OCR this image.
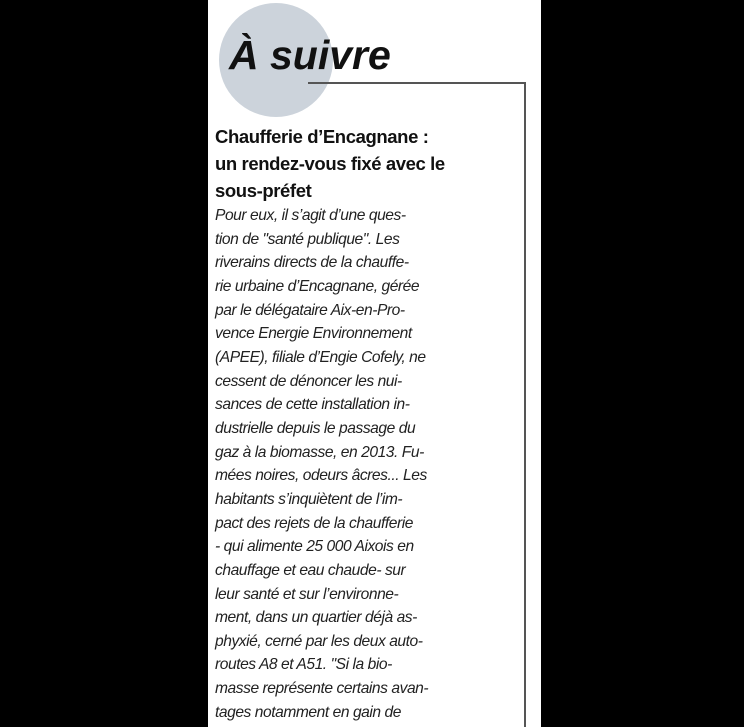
À suivre
Chaufferie d’Encagnane :
un rendez-vous fixé avec le
sous-préfet
Pour eux, il s’agit d’une ques-
tion de "santé publique". Les
riverains directs de la chauffe-
rie urbaine d’Encagnane, gérée
par le délégataire Aix-en-Pro-
vence Energie Environnement
(APEE), filiale d’Engie Cofely, ne
cessent de dénoncer les nui-
sances de cette installation in-
dustrielle depuis le passage du
gaz à la biomasse, en 2013. Fu-
mées noires, odeurs âcres... Les
habitants s’inquiètent de l’im-
pact des rejets de la chaufferie
- qui alimente 25 000 Aixois en
chauffage et eau chaude- sur
leur santé et sur l’environne-
ment, dans un quartier déjà as-
phyxié, cerné par les deux auto-
routes A8 et A51. "Si la bio-
masse représente certains avan-
tages notamment en gain de
